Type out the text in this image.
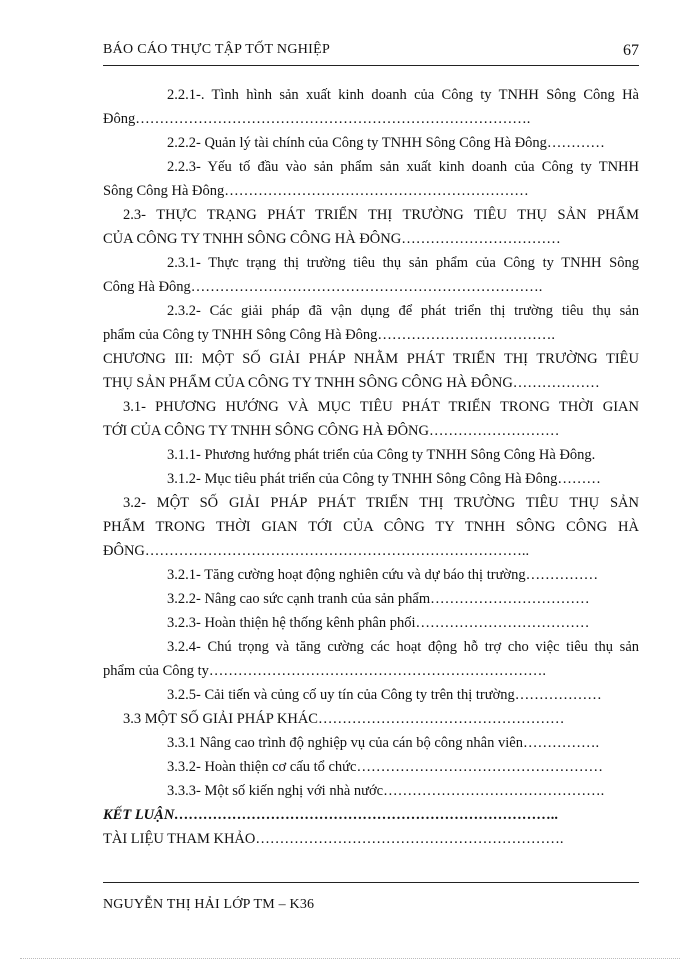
BÁO CÁO THỰC TẬP TỐT NGHIỆP	67
2.2.1-. Tình hình sản xuất kinh doanh của Công ty TNHH Sông Công Hà
Đông……………………………………………………………………….
2.2.2- Quản lý tài chính của Công ty TNHH Sông Công Hà Đông…………
2.2.3- Yếu tố đầu vào sản phẩm sản xuất kinh doanh của Công ty TNHH
Sông Công Hà Đông………………………………………………………
2.3- THỰC TRẠNG PHÁT TRIỂN THỊ TRƯỜNG TIÊU THỤ SẢN PHẨM
CỦA CÔNG TY TNHH SÔNG CÔNG HÀ ĐÔNG……………………………
2.3.1- Thực trạng thị trường tiêu thụ sản phẩm của Công ty TNHH Sông
Công Hà Đông……………………………………………………………….
2.3.2- Các giải pháp đã vận dụng để phát triển thị trường tiêu thụ sản
phẩm của Công ty TNHH Sông Công Hà Đông……………………………….
CHƯƠNG III: MỘT SỐ GIẢI PHÁP NHẰM PHÁT TRIỂN THỊ TRƯỜNG TIÊU
THỤ SẢN PHẨM CỦA CÔNG TY TNHH SÔNG CÔNG HÀ ĐÔNG………………
3.1- PHƯƠNG HƯỚNG VÀ MỤC TIÊU PHÁT TRIỂN TRONG THỜI GIAN
TỚI CỦA CÔNG TY TNHH SÔNG CÔNG HÀ ĐÔNG………………………
3.1.1- Phương hướng phát triển của Công ty TNHH Sông Công Hà Đông.
3.1.2- Mục tiêu phát triển của Công ty TNHH Sông Công Hà Đông………
3.2- MỘT SỐ GIẢI PHÁP PHÁT TRIỂN THỊ TRƯỜNG TIÊU THỤ SẢN
PHẨM TRONG THỜI GIAN TỚI CỦA CÔNG TY TNHH SÔNG CÔNG HÀ
ĐÔNG……………………………………………………………………..
3.2.1- Tăng cường hoạt động nghiên cứu và dự báo thị trường……………
3.2.2- Nâng cao sức cạnh tranh của sản phẩm……………………………
3.2.3- Hoàn thiện hệ thống kênh phân phối………………………………
3.2.4- Chú trọng và tăng cường các hoạt động hỗ trợ cho việc tiêu thụ sản
phẩm của Công ty…………………………………………………………….
3.2.5- Cải tiến và củng cố uy tín của Công ty trên thị trường………………
3.3 MỘT SỐ GIẢI PHÁP KHÁC……………………………………………
3.3.1 Nâng cao trình độ nghiệp vụ của cán bộ công nhân viên…………….
3.3.2- Hoàn thiện cơ cấu tổ chức……………………………………………
3.3.3- Một số kiến nghị với nhà nước……………………………………….
KẾT LUẬN……………………………………………………………………..
TÀI LIỆU THAM KHẢO……………………………………………………….
NGUYỄN THỊ HẢI LỚP TM – K36
